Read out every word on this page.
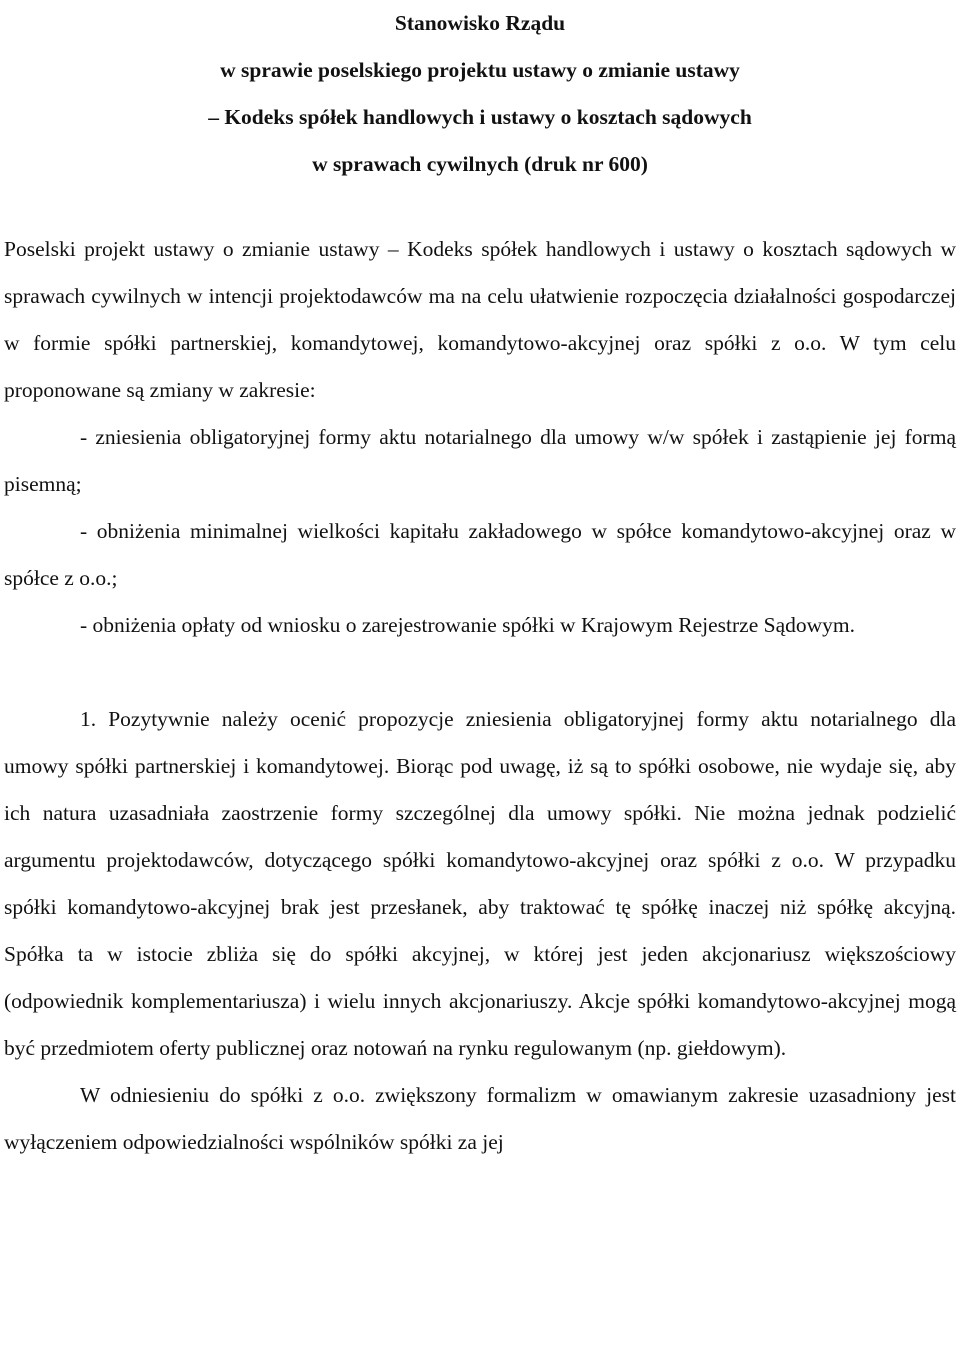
Stanowisko Rządu
w sprawie poselskiego projektu ustawy o zmianie ustawy
– Kodeks spółek handlowych i ustawy o kosztach sądowych
w sprawach cywilnych (druk nr 600)

Poselski projekt ustawy o zmianie ustawy – Kodeks spółek handlowych i ustawy o kosztach sądowych w sprawach cywilnych w intencji projektodawców ma na celu ułatwienie rozpoczęcia działalności gospodarczej w formie spółki partnerskiej, komandytowej, komandytowo-akcyjnej oraz spółki z o.o. W tym celu proponowane są zmiany w zakresie:

- zniesienia obligatoryjnej formy aktu notarialnego dla umowy w/w spółek i zastąpienie jej formą pisemną;

- obniżenia minimalnej wielkości kapitału zakładowego w spółce komandytowo-akcyjnej oraz w spółce z o.o.;

- obniżenia opłaty od wniosku o zarejestrowanie spółki w Krajowym Rejestrze Sądowym.

1. Pozytywnie należy ocenić propozycje zniesienia obligatoryjnej formy aktu notarialnego dla umowy spółki partnerskiej i komandytowej. Biorąc pod uwagę, iż są to spółki osobowe, nie wydaje się, aby ich natura uzasadniała zaostrzenie formy szczególnej dla umowy spółki. Nie można jednak podzielić argumentu projektodawców, dotyczącego spółki komandytowo-akcyjnej oraz spółki z o.o. W przypadku spółki komandytowo-akcyjnej brak jest przesłanek, aby traktować tę spółkę inaczej niż spółkę akcyjną. Spółka ta w istocie zbliża się do spółki akcyjnej, w której jest jeden akcjonariusz większościowy (odpowiednik komplementariusza) i wielu innych akcjonariuszy. Akcje spółki komandytowo-akcyjnej mogą być przedmiotem oferty publicznej oraz notowań na rynku regulowanym (np. giełdowym).

W odniesieniu do spółki z o.o. zwiększony formalizm w omawianym zakresie uzasadniony jest wyłączeniem odpowiedzialności wspólników spółki za jej
